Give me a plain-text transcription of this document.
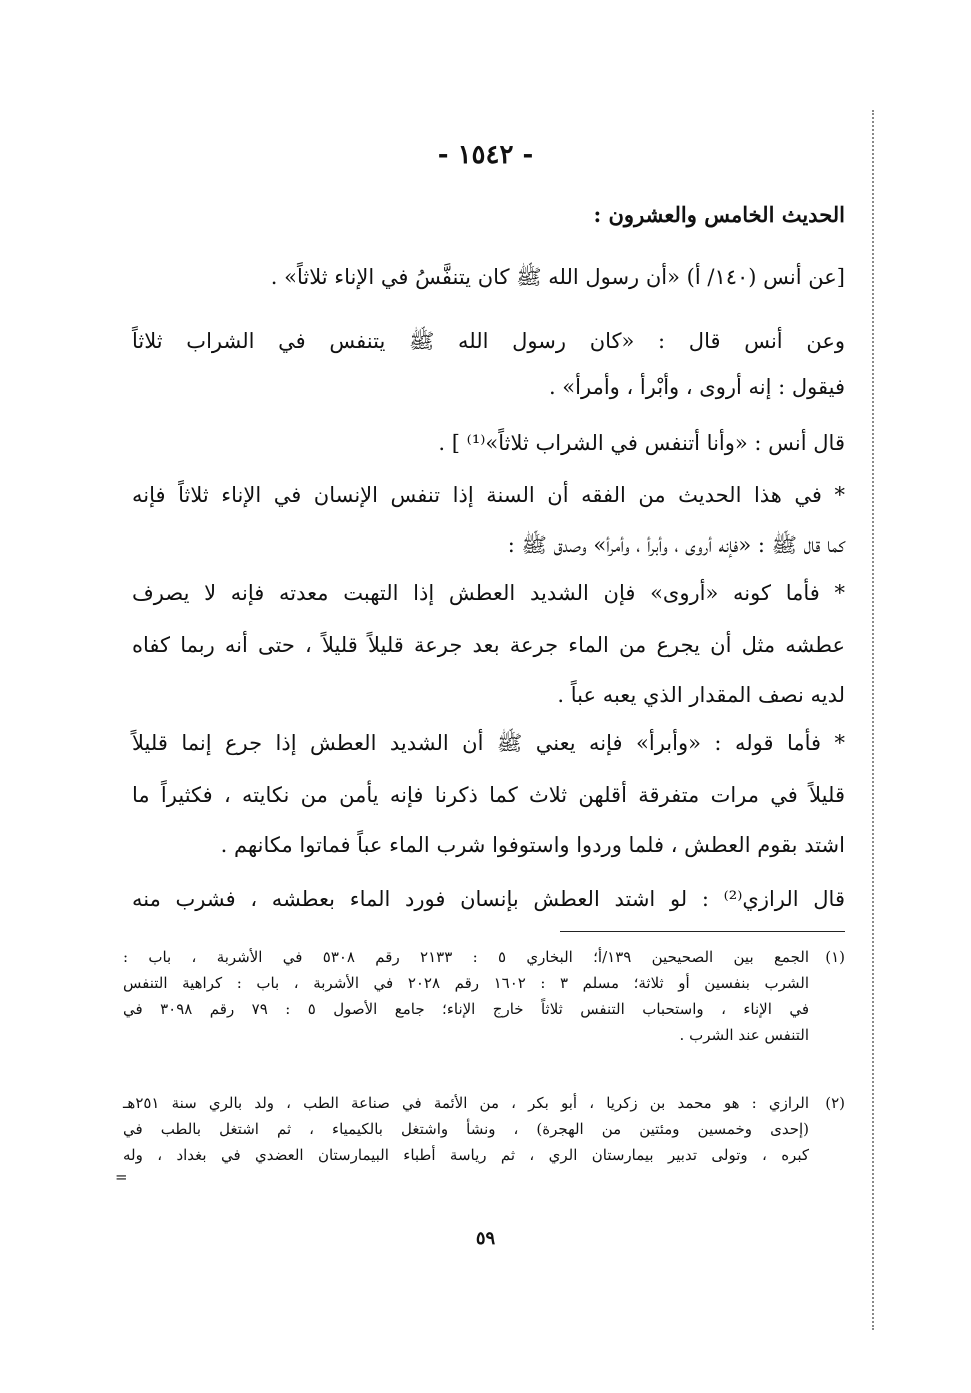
- ١٥٤٢ -
الحديث الخامس والعشرون :
[عن أنس (١٤٠/ أ) «أن رسول الله ﷺ كان يتنفَّسُ في الإناء ثلاثاً» .
وعن أنس قال : «كان رسول الله ﷺ يتنفس في الشراب ثلاثاً
فيقول : إنه أروى ، وأبْرأ ، وأمرأ» .
قال أنس : «وأنا أتنفس في الشراب ثلاثاً»⁽¹⁾ ] .
* في هذا الحديث من الفقه أن السنة إذا تنفس الإنسان في الإناء ثلاثاً فإنه
كما قال ﷺ : «فإنه أروى ، وأبرأ ، وأمرأ» وصدق ﷺ :
* فأما كونه «أروى» فإن الشديد العطش إذا التهبت معدته فإنه لا يصرف
عطشه مثل أن يجرع من الماء جرعة بعد جرعة قليلاً قليلاً ، حتى أنه ربما كفاه
لديه نصف المقدار الذي يعبه عباً .
* فأما قوله : «وأبرأ» فإنه يعني ﷺ أن الشديد العطش إذا جرع إنما قليلاً
قليلاً في مرات متفرقة أقلهن ثلاث كما ذكرنا فإنه يأمن من نكايته ، فكثيراً ما
اشتد بقوم العطش ، فلما وردوا واستوفوا شرب الماء عباً فماتوا مكانهم .
قال الرازي⁽²⁾ : لو اشتد العطش بإنسان فورد الماء بعطشه ، فشرب منه
(١)
الجمع بين الصحيحين ١٣٩/أ؛ البخاري ٥ : ٢١٣٣ رقم ٥٣٠٨ في الأشربة ، باب :
الشرب بنفسين أو ثلاثة؛ مسلم ٣ : ١٦٠٢ رقم ٢٠٢٨ في الأشربة ، باب : كراهية التنفس
في الإناء ، واستحباب التنفس ثلاثاً خارج الإناء؛ جامع الأصول ٥ : ٧٩ رقم ٣٠٩٨ في
التنفس عند الشرب .
(٢)
الرازي : هو محمد بن زكريا ، أبو بكر ، من الأئمة في صناعة الطب ، ولد بالري سنة ٢٥١هـ
(إحدى وخمسين ومئتين من الهجرة) ، ونشأ واشتغل بالكيمياء ، ثم اشتغل بالطب في
كبره ، وتولى تدبير بيمارستان الري ، ثم رياسة أطباء البيمارستان العضدي في بغداد ، وله
=
٥٩
